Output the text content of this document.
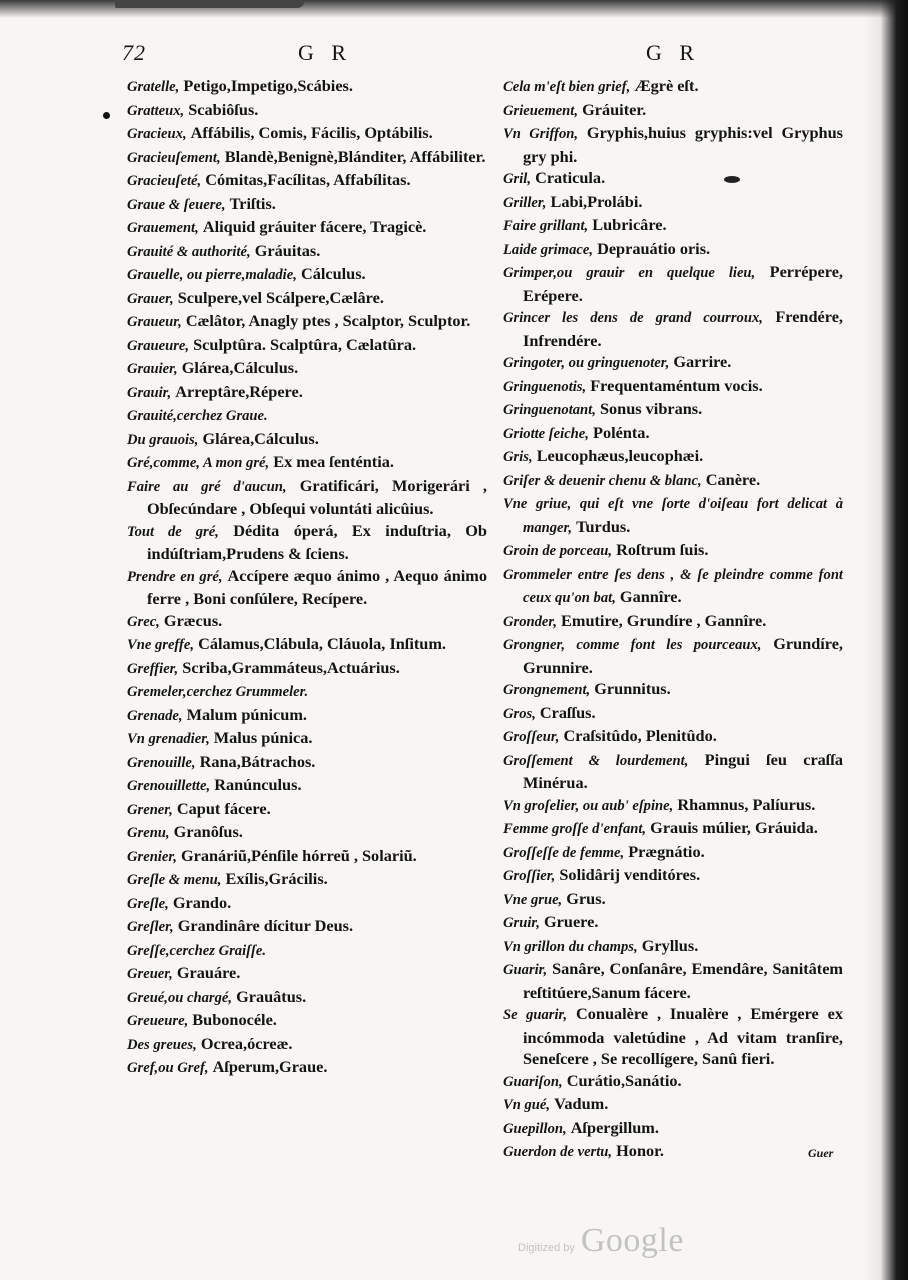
72	G R	G R
Gratelle, Petigo,Impetigo,Scábies.
Gratteux, Scabiôſus.
Gracieux, Affábilis, Comis, Fácilis, Optábilis.
Gracieuſement, Blandè,Benignè,Blánditer, Affábiliter.
Gracieuſeté, Cómitas,Facílitas, Affabílitas.
Graue & ſeuere, Triſtis.
Grauement, Aliquid gráuiter fácere, Tragicè.
Grauité & authorité, Gráuitas.
Grauelle, ou pierre,maladie, Cálculus.
Grauer, Sculpere,vel Scálpere,Cælâre.
Graueur, Cælâtor, Anagly ptes , Scalptor, Sculptor.
Graueure, Sculptûra. Scalptûra, Cælatûra.
Grauier, Glárea,Cálculus.
Grauir, Arreptâre,Répere.
Grauité,cerchez Graue.
Du grauois, Glárea,Cálculus.
Gré,comme, A mon gré, Ex mea ſenténtia.
Faire au gré d'aucun, Gratificári, Morigerári , Obſecúndare , Obſequi voluntáti alicûius.
Tout de gré, Dédita óperá, Ex induſtria, Ob indúſtriam,Prudens & ſciens.
Prendre en gré, Accípere æquo ánimo , Aequo ánimo ferre , Boni conſúlere, Recípere.
Grec, Græcus.
Vne greffe, Cálamus,Clábula, Cláuola, Inſitum.
Greffier, Scriba,Grammáteus,Actuárius.
Gremeler,cerchez Grummeler.
Grenade, Malum púnicum.
Vn grenadier, Malus púnica.
Grenouille, Rana,Bátrachos.
Grenouillette, Ranúnculus.
Grener, Caput fácere.
Grenu, Granôſus.
Grenier, Granáriũ,Pénſile hórreũ , Solariũ.
Greſle & menu, Exílis,Grácilis.
Greſle, Grando.
Greſler, Grandinâre dícitur Deus.
Greſſe,cerchez Graiſſe.
Greuer, Grauáre.
Greué,ou chargé, Grauâtus.
Greueure, Bubonocéle.
Des greues, Ocrea,ócreæ.
Gref,ou Gref, Aſperum,Graue.
Cela m'eſt bien grief, Ægrè eſt.
Grieuement, Gráuiter.
Vn Griffon, Gryphis,huius gryphis:vel Gryphus gry phi.
Gril, Craticula.
Griller, Labi,Prolábi.
Faire grillant, Lubricâre.
Laide grimace, Deprauátio oris.
Grimper,ou grauir en quelque lieu, Perrépere, Erépere.
Grincer les dens de grand courroux, Frendére, Infrendére.
Gringoter, ou gringuenoter, Garrire.
Gringuenotis, Frequentaméntum vocis.
Gringuenotant, Sonus vibrans.
Griotte ſeiche, Polénta.
Gris, Leucophæus,leucophæi.
Griſer & deuenir chenu & blanc, Canère.
Vne griue, qui eſt vne ſorte d'oiſeau fort delicat à manger, Turdus.
Groin de porceau, Roſtrum ſuis.
Grommeler entre ſes dens , & ſe pleindre comme font ceux qu'on bat, Gannîre.
Gronder, Emutire, Grundíre , Gannîre.
Grongner, comme font les pourceaux, Grundíre, Grunnire.
Grongnement, Grunnitus.
Gros, Craſſus.
Groſſeur, Craſsitûdo, Plenitûdo.
Groſſement & lourdement, Pingui ſeu craſſa Minérua.
Vn groſelier, ou aub' eſpine, Rhamnus, Palíurus.
Femme groſſe d'enfant, Grauis múlier, Gráuida.
Groſſeſſe de femme, Prægnátio.
Groſſier, Solidârij venditóres.
Vne grue, Grus.
Gruir, Gruere.
Vn grillon du champs, Gryllus.
Guarir, Sanâre, Conſanâre, Emendâre, Sanitâtem reſtitúere,Sanum fácere.
Se guarir, Conualère , Inualère , Emérgere ex incómmoda valetúdine , Ad vitam tranſire, Seneſcere , Se recollígere, Sanû fieri.
Guariſon, Curátio,Sanátio.
Vn gué, Vadum.
Guepillon, Aſpergillum.
Guerdon de vertu, Honor.	Guer
Digitized by Google
